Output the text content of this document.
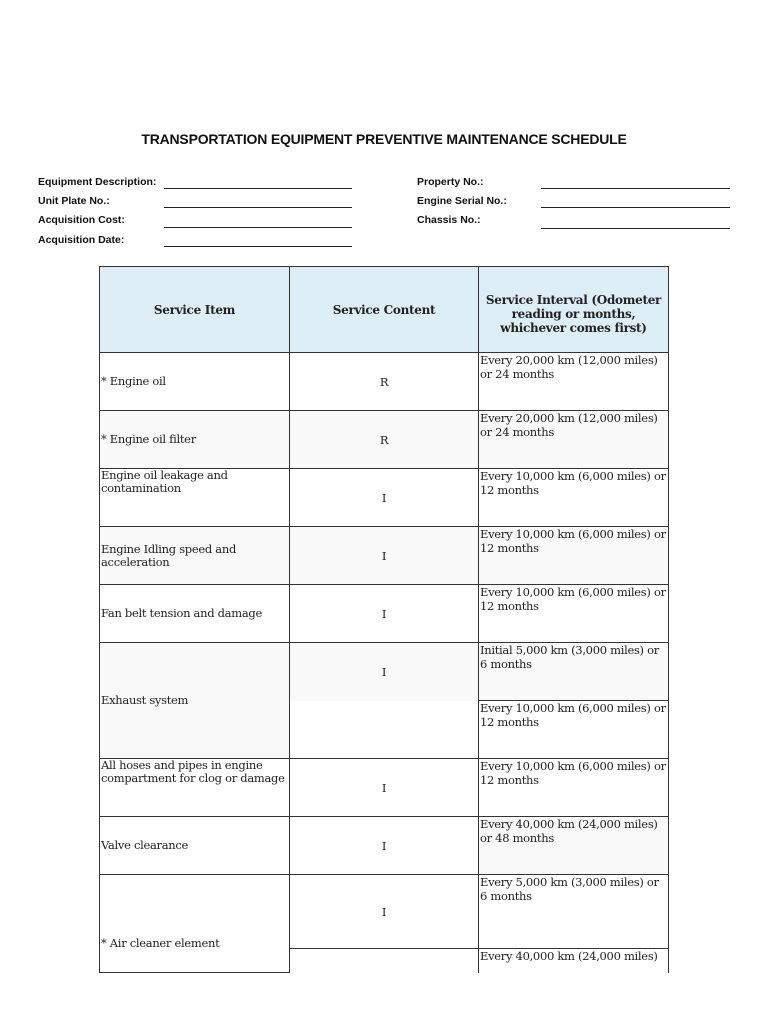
TRANSPORTATION EQUIPMENT PREVENTIVE MAINTENANCE SCHEDULE
Equipment Description:
Unit Plate No.:
Acquisition Cost:
Acquisition Date:
Property No.:
Engine Serial No.:
Chassis No.:
Service Item	Service Content	Service Interval (Odometer reading or months, whichever comes first)
* Engine oil	R	Every 20,000 km (12,000 miles) or 24 months
* Engine oil filter	R	Every 20,000 km (12,000 miles) or 24 months
Engine oil leakage and contamination	I	Every 10,000 km (6,000 miles) or 12 months
Engine Idling speed and acceleration	I	Every 10,000 km (6,000 miles) or 12 months
Fan belt tension and damage	I	Every 10,000 km (6,000 miles) or 12 months
Exhaust system	I	Initial 5,000 km (3,000 miles) or 6 months
		Every 10,000 km (6,000 miles) or 12 months
All hoses and pipes in engine compartment for clog or damage	I	Every 10,000 km (6,000 miles) or 12 months
Valve clearance	I	Every 40,000 km (24,000 miles) or 48 months
* Air cleaner element	I	Every 5,000 km (3,000 miles) or 6 months
		Every 40,000 km (24,000 miles)
